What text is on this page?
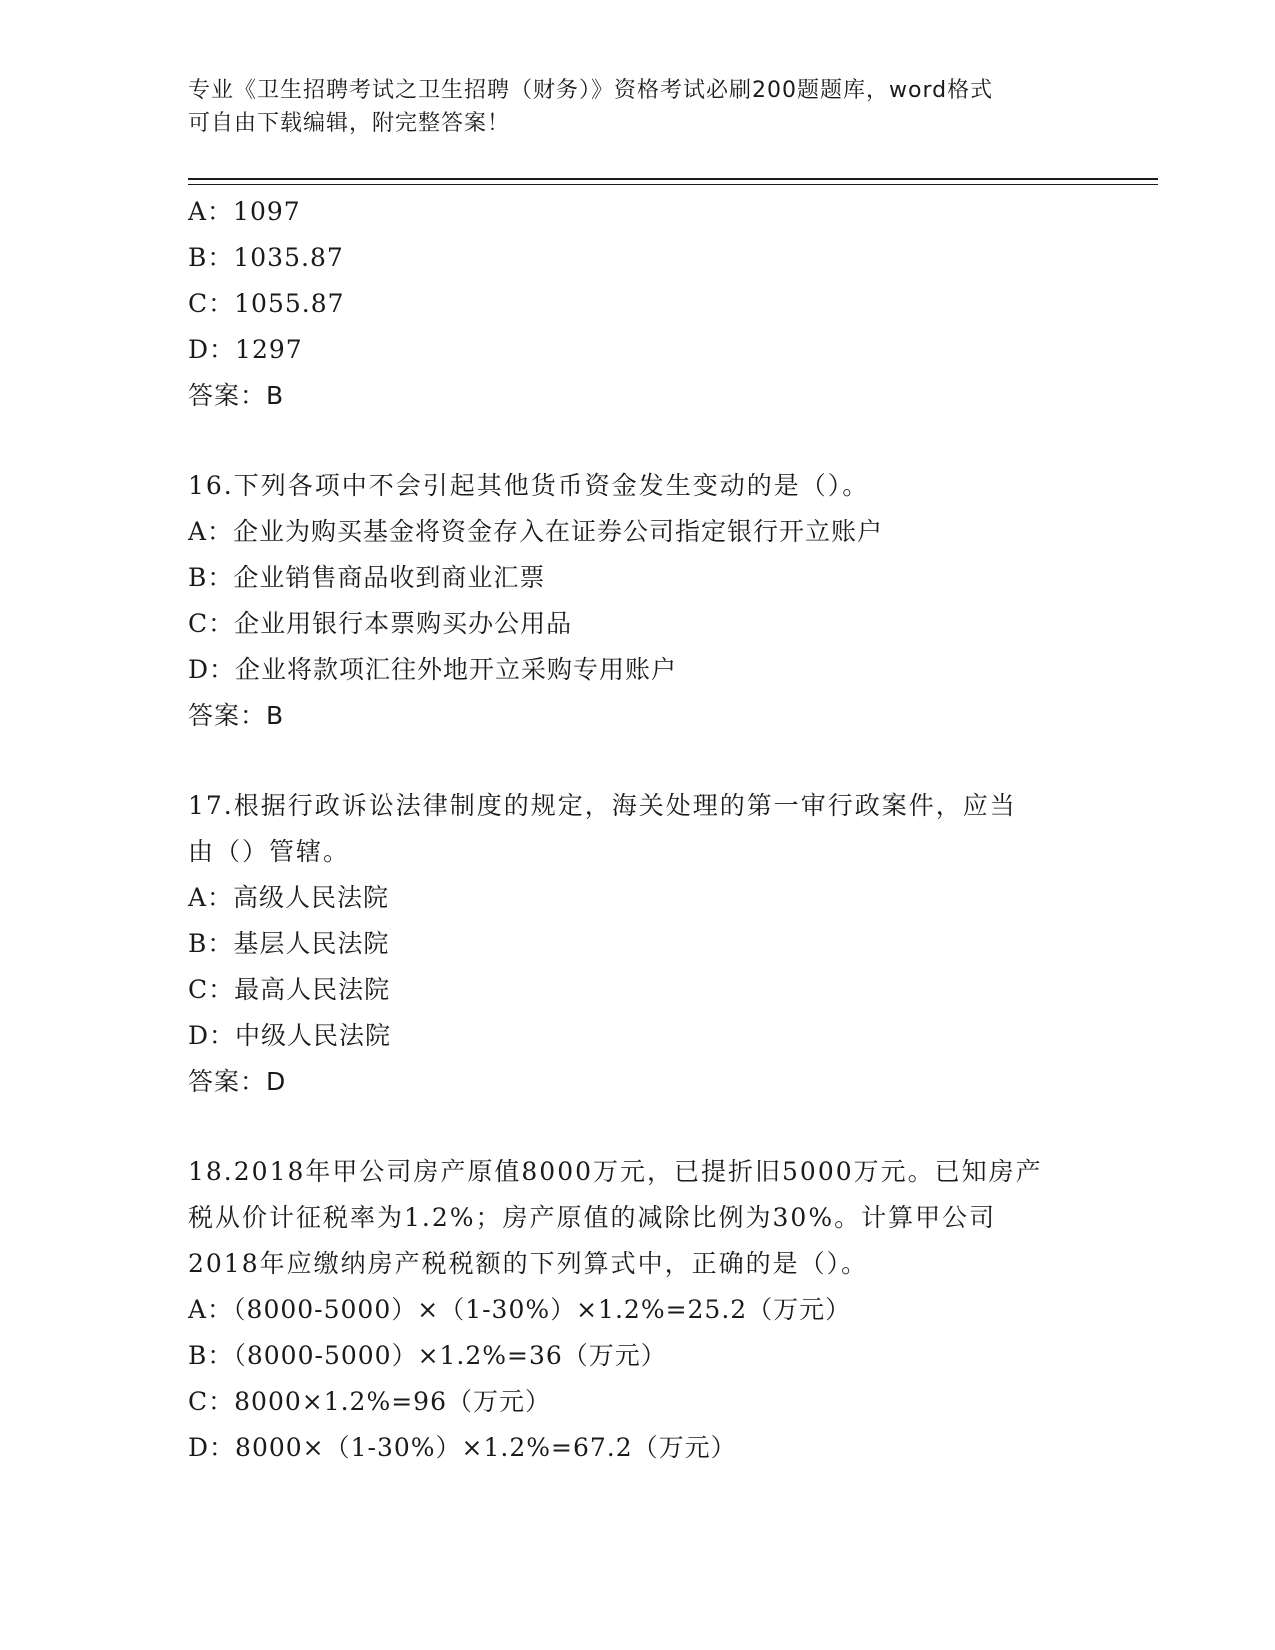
专业《卫生招聘考试之卫生招聘（财务）》资格考试必刷200题题库，word格式
可自由下载编辑，附完整答案！
A：1097
B：1035.87
C：1055.87
D：1297
答案：B
16.下列各项中不会引起其他货币资金发生变动的是（）。
A：企业为购买基金将资金存入在证券公司指定银行开立账户
B：企业销售商品收到商业汇票
C：企业用银行本票购买办公用品
D：企业将款项汇往外地开立采购专用账户
答案：B
17.根据行政诉讼法律制度的规定，海关处理的第一审行政案件，应当
由（）管辖。
A：高级人民法院
B：基层人民法院
C：最高人民法院
D：中级人民法院
答案：D
18.2018年甲公司房产原值8000万元，已提折旧5000万元。已知房产
税从价计征税率为1.2%；房产原值的减除比例为30%。计算甲公司
2018年应缴纳房产税税额的下列算式中，正确的是（）。
A：（8000-5000）×（1-30%）×1.2%=25.2（万元）
B：（8000-5000）×1.2%=36（万元）
C：8000×1.2%=96（万元）
D：8000×（1-30%）×1.2%=67.2（万元）
